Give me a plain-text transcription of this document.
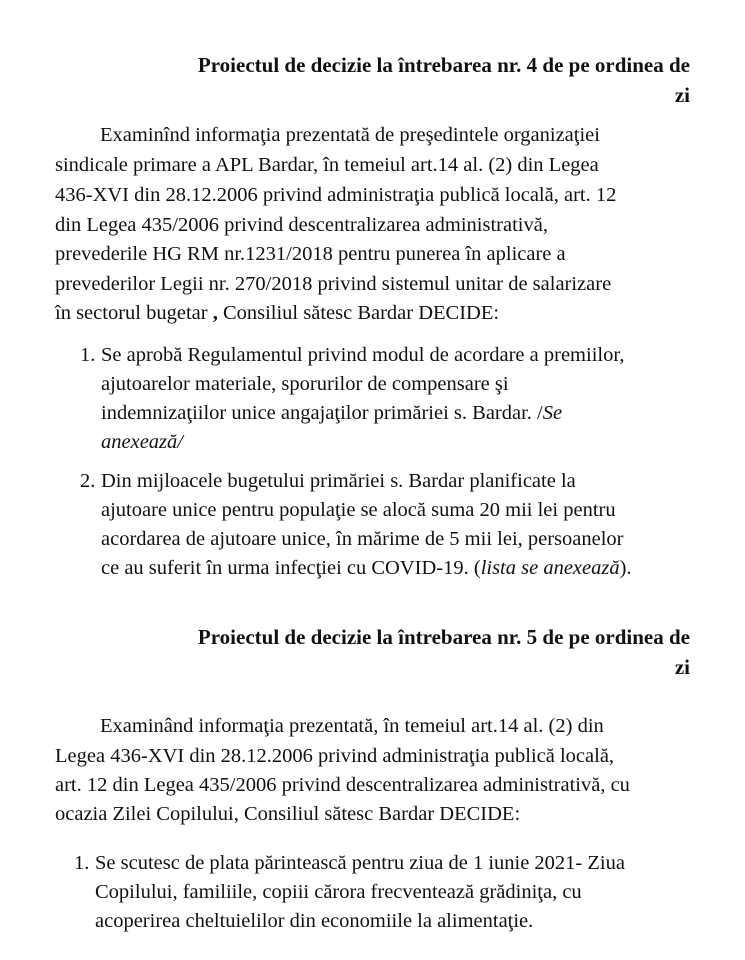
Proiectul de decizie la întrebarea nr. 4 de pe ordinea de
zi

Examinînd informaţia prezentată de preşedintele organizaţiei

sindicale primare a APL Bardar, în temeiul art.14 al. (2) din Legea

436-XVI din 28.12.2006 privind administraţia publică locală, art. 12

din Legea 435/2006 privind descentralizarea administrativă,

prevederile HG RM nr.1231/2018 pentru punerea în aplicare a

prevederilor Legii nr. 270/2018 privind sistemul unitar de salarizare

în sectorul bugetar , Consiliul sătesc Bardar DECIDE:

1. Se aprobă Regulamentul privind modul de acordare a premiilor,

ajutoarelor materiale, sporurilor de compensare şi

indemnizaţiilor unice angajaţilor primăriei s. Bardar. /Se

anexează/

2. Din mijloacele bugetului primăriei s. Bardar planificate la

ajutoare unice pentru populaţie se alocă suma 20 mii lei pentru

acordarea de ajutoare unice, în mărime de 5 mii lei, persoanelor

ce au suferit în urma infecţiei cu COVID-19. (lista se anexează).

Proiectul de decizie la întrebarea nr. 5 de pe ordinea de
zi

Examinând informaţia prezentată, în temeiul art.14 al. (2) din

Legea 436-XVI din 28.12.2006 privind administraţia publică locală,

art. 12 din Legea 435/2006 privind descentralizarea administrativă, cu

ocazia Zilei Copilului, Consiliul sătesc Bardar DECIDE:

1. Se scutesc de plata părintească pentru ziua de 1 iunie 2021- Ziua

Copilului, familiile, copiii cărora frecventează grădiniţa, cu

acoperirea cheltuielilor din economiile la alimentaţie.
